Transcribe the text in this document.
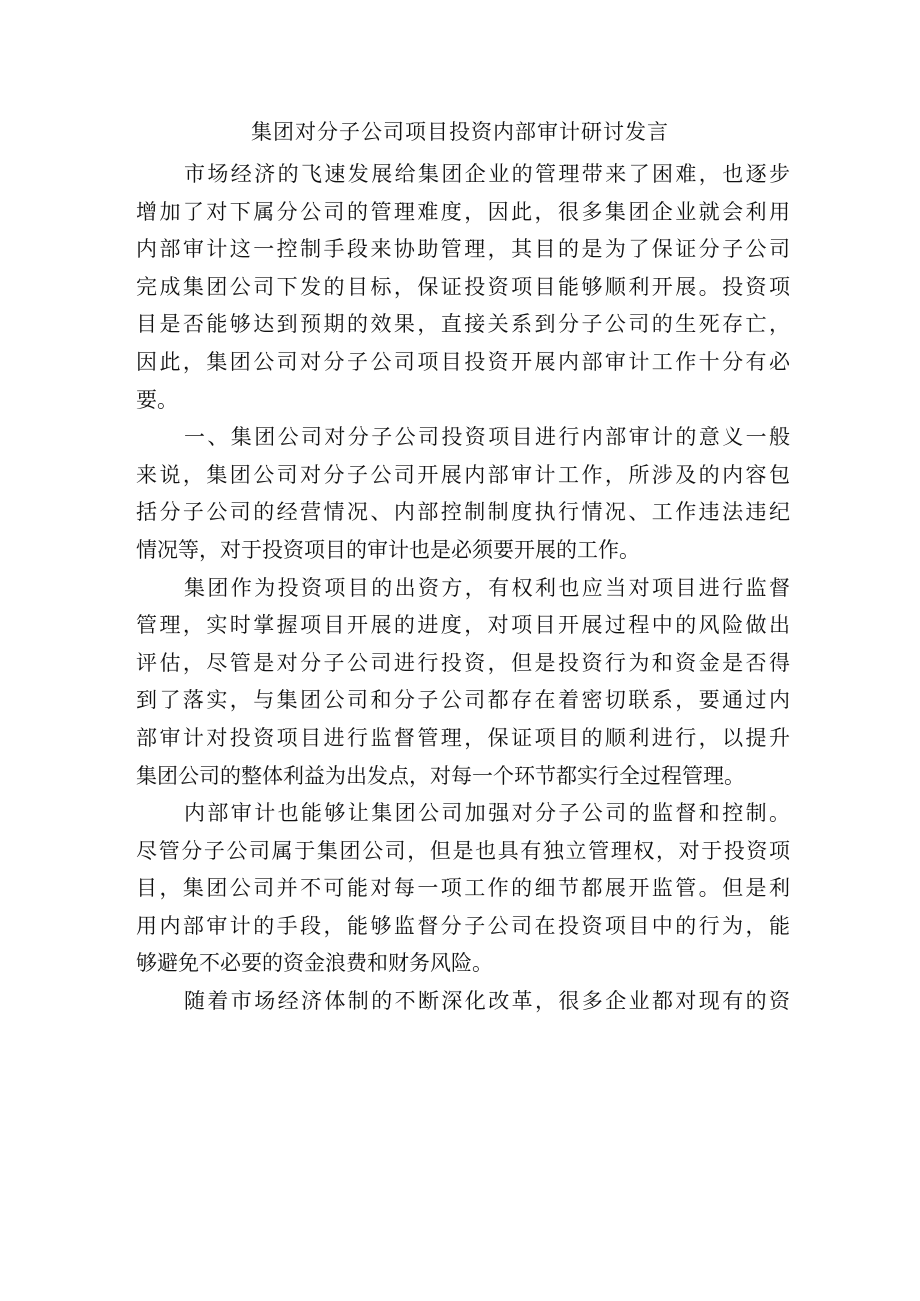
集团对分子公司项目投资内部审计研讨发言
市场经济的飞速发展给集团企业的管理带来了困难，也逐步
增加了对下属分公司的管理难度，因此，很多集团企业就会利用
内部审计这一控制手段来协助管理，其目的是为了保证分子公司
完成集团公司下发的目标，保证投资项目能够顺利开展。投资项
目是否能够达到预期的效果，直接关系到分子公司的生死存亡，
因此，集团公司对分子公司项目投资开展内部审计工作十分有必
要。
一、集团公司对分子公司投资项目进行内部审计的意义一般
来说，集团公司对分子公司开展内部审计工作，所涉及的内容包
括分子公司的经营情况、内部控制制度执行情况、工作违法违纪
情况等，对于投资项目的审计也是必须要开展的工作。
集团作为投资项目的出资方，有权利也应当对项目进行监督
管理，实时掌握项目开展的进度，对项目开展过程中的风险做出
评估，尽管是对分子公司进行投资，但是投资行为和资金是否得
到了落实，与集团公司和分子公司都存在着密切联系，要通过内
部审计对投资项目进行监督管理，保证项目的顺利进行，以提升
集团公司的整体利益为出发点，对每一个环节都实行全过程管理。
内部审计也能够让集团公司加强对分子公司的监督和控制。
尽管分子公司属于集团公司，但是也具有独立管理权，对于投资项
目，集团公司并不可能对每一项工作的细节都展开监管。但是利
用内部审计的手段，能够监督分子公司在投资项目中的行为，能
够避免不必要的资金浪费和财务风险。
随着市场经济体制的不断深化改革，很多企业都对现有的资
